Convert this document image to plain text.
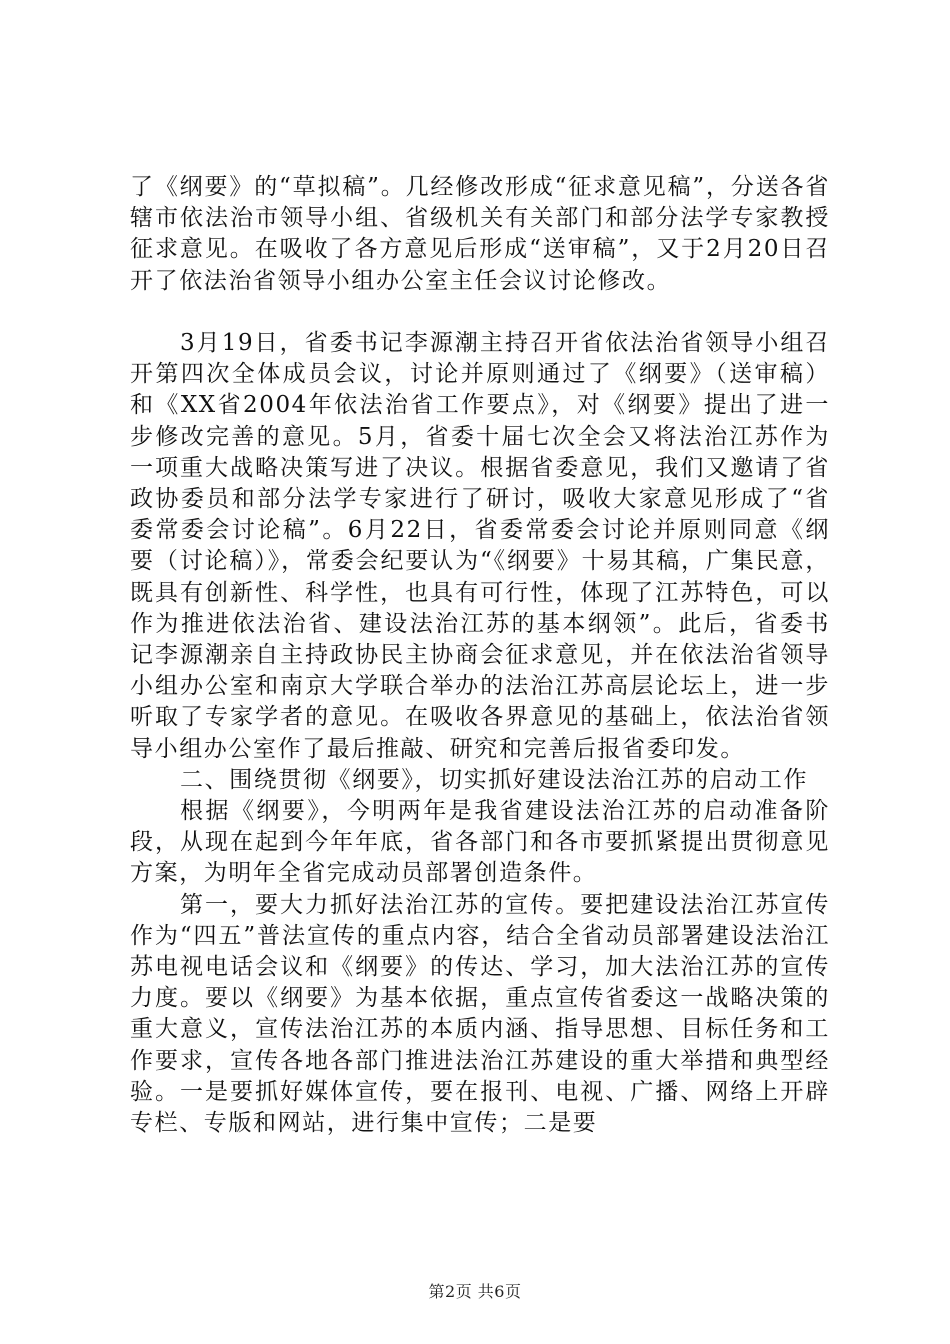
了《纲要》的“草拟稿”。几经修改形成“征求意见稿”，分送各省辖市依法治市领导小组、省级机关有关部门和部分法学专家教授征求意见。在吸收了各方意见后形成“送审稿”，又于2月20日召开了依法治省领导小组办公室主任会议讨论修改。

3月19日，省委书记李源潮主持召开省依法治省领导小组召开第四次全体成员会议，讨论并原则通过了《纲要》（送审稿）和《XX省2004年依法治省工作要点》，对《纲要》提出了进一步修改完善的意见。5月，省委十届七次全会又将法治江苏作为一项重大战略决策写进了决议。根据省委意见，我们又邀请了省政协委员和部分法学专家进行了研讨，吸收大家意见形成了“省委常委会讨论稿”。6月22日，省委常委会讨论并原则同意《纲要（讨论稿）》，常委会纪要认为“《纲要》十易其稿，广集民意，既具有创新性、科学性，也具有可行性，体现了江苏特色，可以作为推进依法治省、建设法治江苏的基本纲领”。此后，省委书记李源潮亲自主持政协民主协商会征求意见，并在依法治省领导小组办公室和南京大学联合举办的法治江苏高层论坛上，进一步听取了专家学者的意见。在吸收各界意见的基础上，依法治省领导小组办公室作了最后推敲、研究和完善后报省委印发。

二、围绕贯彻《纲要》，切实抓好建设法治江苏的启动工作

根据《纲要》，今明两年是我省建设法治江苏的启动准备阶段，从现在起到今年年底，省各部门和各市要抓紧提出贯彻意见方案，为明年全省完成动员部署创造条件。

第一，要大力抓好法治江苏的宣传。要把建设法治江苏宣传作为“四五”普法宣传的重点内容，结合全省动员部署建设法治江苏电视电话会议和《纲要》的传达、学习，加大法治江苏的宣传力度。要以《纲要》为基本依据，重点宣传省委这一战略决策的重大意义，宣传法治江苏的本质内涵、指导思想、目标任务和工作要求，宣传各地各部门推进法治江苏建设的重大举措和典型经验。一是要抓好媒体宣传，要在报刊、电视、广播、网络上开辟专栏、专版和网站，进行集中宣传；二是要

第2页 共6页
